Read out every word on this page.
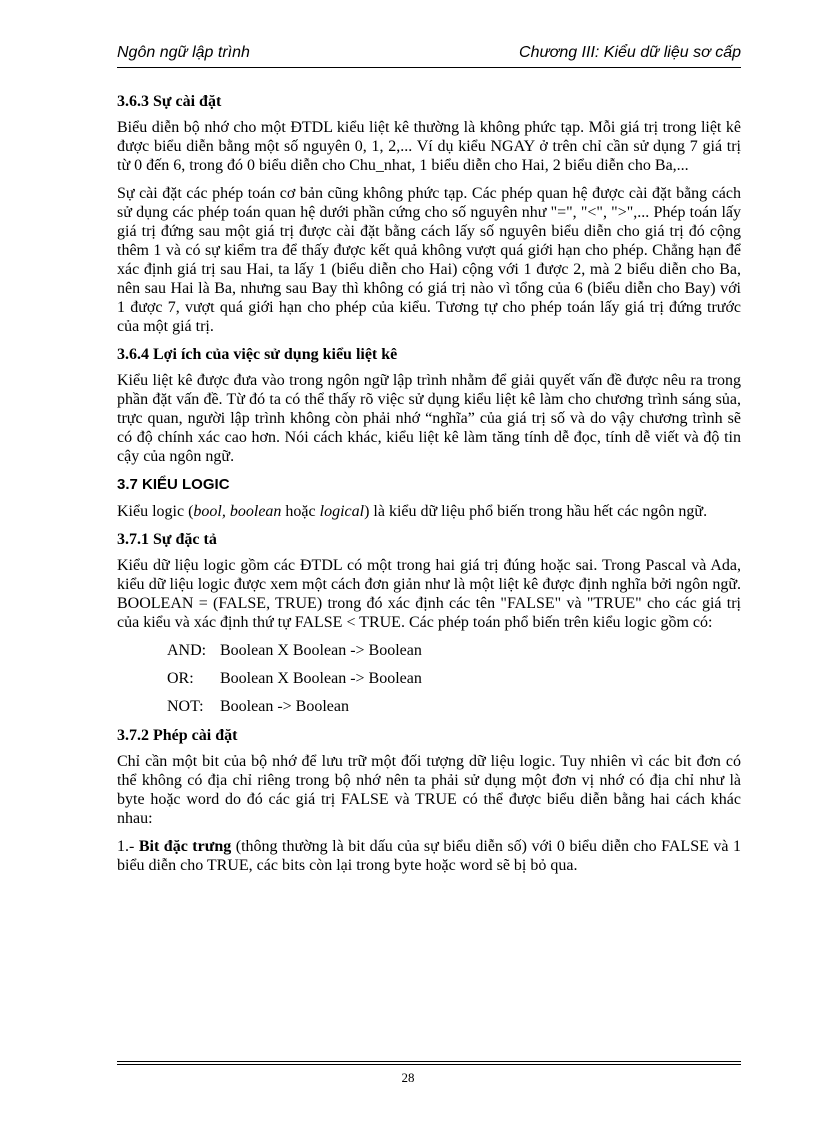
Ngôn ngữ lập trình	Chương III: Kiểu dữ liệu sơ cấp
3.6.3 Sự cài đặt

Biểu diễn bộ nhớ cho một ĐTDL kiểu liệt kê thường là không phức tạp. Mỗi giá trị trong liệt kê được biểu diễn bằng một số nguyên 0, 1, 2,... Ví dụ kiểu NGAY ở trên chỉ cần sử dụng 7 giá trị từ 0 đến 6, trong đó 0 biểu diễn cho Chu_nhat, 1 biểu diễn cho Hai, 2 biểu diễn cho Ba,...

Sự cài đặt các phép toán cơ bản cũng không phức tạp. Các phép quan hệ được cài đặt bằng cách sử dụng các phép toán quan hệ dưới phần cứng cho số nguyên như "=", "<", ">",... Phép toán lấy giá trị đứng sau một giá trị được cài đặt bằng cách lấy số nguyên biểu diễn cho giá trị đó cộng thêm 1 và có sự kiểm tra để thấy được kết quả không vượt quá giới hạn cho phép. Chẳng hạn để xác định giá trị sau Hai, ta lấy 1 (biểu diễn cho Hai) cộng với 1 được 2, mà 2 biểu diễn cho Ba, nên sau Hai là Ba, nhưng sau Bay thì không có giá trị nào vì tổng của 6 (biểu diễn cho Bay) với 1 được 7, vượt quá giới hạn cho phép của kiểu. Tương tự cho phép toán lấy giá trị đứng trước của một giá trị.

3.6.4 Lợi ích của việc sử dụng kiểu liệt kê

Kiểu liệt kê được đưa vào trong ngôn ngữ lập trình nhằm để giải quyết vấn đề được nêu ra trong phần đặt vấn đề. Từ đó ta có thể thấy rõ việc sử dụng kiểu liệt kê làm cho chương trình sáng sủa, trực quan, người lập trình không còn phải nhớ “nghĩa” của giá trị số và do vậy chương trình sẽ có độ chính xác cao hơn. Nói cách khác, kiểu liệt kê làm tăng tính dễ đọc, tính dễ viết và độ tin cậy của ngôn ngữ.

3.7 KIỂU LOGIC

Kiểu logic (bool, boolean hoặc logical) là kiểu dữ liệu phổ biến trong hầu hết các ngôn ngữ.

3.7.1 Sự đặc tả

Kiểu dữ liệu logic gồm các ĐTDL có một trong hai giá trị đúng hoặc sai. Trong Pascal và Ada, kiểu dữ liệu logic được xem một cách đơn giản như là một liệt kê được định nghĩa bởi ngôn ngữ. BOOLEAN = (FALSE, TRUE) trong đó xác định các tên "FALSE" và "TRUE" cho các giá trị của kiểu và xác định thứ tự FALSE < TRUE. Các phép toán phổ biến trên kiểu logic gồm có:

AND: Boolean X Boolean -> Boolean
OR: Boolean X Boolean -> Boolean
NOT: Boolean -> Boolean
3.7.2 Phép cài đặt

Chỉ cần một bit của bộ nhớ để lưu trữ một đối tượng dữ liệu logic. Tuy nhiên vì các bit đơn có thể không có địa chỉ riêng trong bộ nhớ nên ta phải sử dụng một đơn vị nhớ có địa chỉ như là byte hoặc word do đó các giá trị FALSE và TRUE có thể được biểu diễn bằng hai cách khác nhau:

1.- Bit đặc trưng (thông thường là bit dấu của sự biểu diễn số) với 0 biểu diễn cho FALSE và 1 biểu diễn cho TRUE, các bits còn lại trong byte hoặc word sẽ bị bỏ qua.

28
